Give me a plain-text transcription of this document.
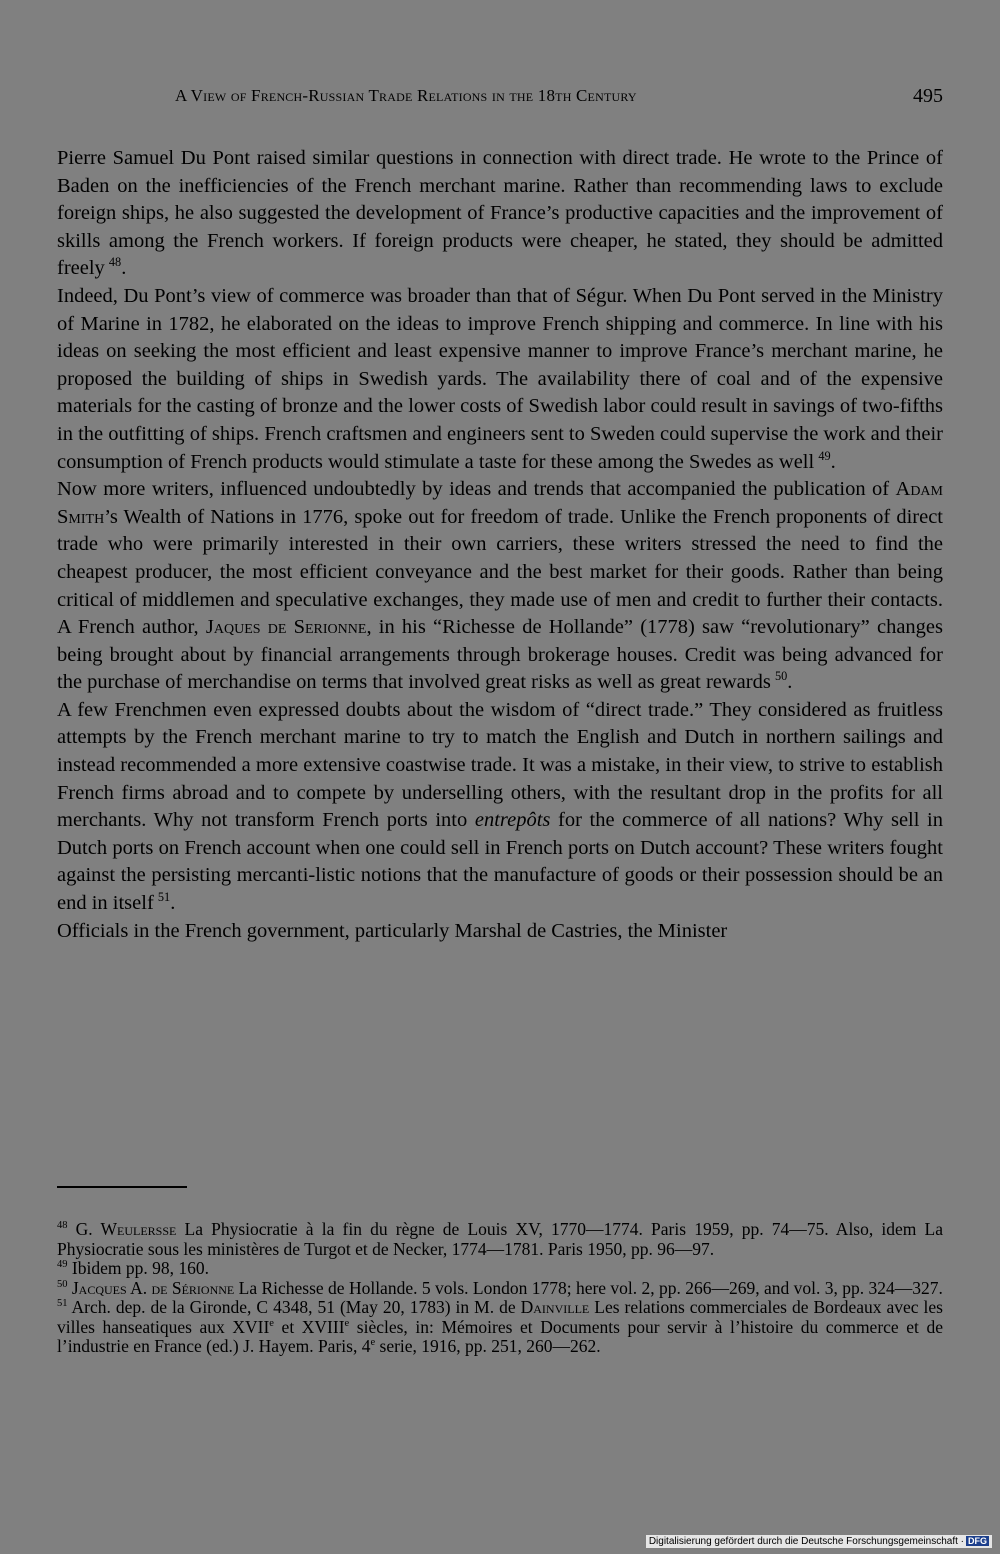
A View of French-Russian Trade Relations in the 18th Century	495

Pierre Samuel Du Pont raised similar questions in connection with direct trade. He wrote to the Prince of Baden on the inefficiencies of the French merchant marine. Rather than recommending laws to exclude foreign ships, he also suggested the development of France’s productive capacities and the improvement of skills among the French workers. If foreign products were cheaper, he stated, they should be admitted freely  $^{48}$.

Indeed, Du Pont’s view of commerce was broader than that of Ségur. When Du Pont served in the Ministry of Marine in 1782, he elaborated on the ideas to improve French shipping and commerce. In line with his ideas on seeking the most efficient and least expensive manner to improve France’s merchant marine, he proposed the building of ships in Swedish yards. The availability there of coal and of the expensive materials for the casting of bronze and the lower costs of Swedish labor could result in savings of two-fifths in the outfitting of ships. French craftsmen and engineers sent to Sweden could supervise the work and their consumption of French products would stimulate a taste for these among the Swedes as well  $^{49}$.

Now more writers, influenced undoubtedly by ideas and trends that accompanied the publication of Adam Smith’s Wealth of Nations in 1776, spoke out for freedom of trade. Unlike the French proponents of direct trade who were primarily interested in their own carriers, these writers stressed the need to find the cheapest producer, the most efficient conveyance and the best market for their goods. Rather than being critical of middlemen and speculative exchanges, they made use of men and credit to further their contacts. A French author, Jaques de Serionne, in his “Richesse de Hollande” (1778) saw “revolutionary” changes being brought about by financial arrangements through brokerage houses. Credit was being advanced for the purchase of merchandise on terms that involved great risks as well as great rewards  $^{50}$.

A few Frenchmen even expressed doubts about the wisdom of “direct trade.” They considered as fruitless attempts by the French merchant marine to try to match the English and Dutch in northern sailings and instead recommended a more extensive coastwise trade. It was a mistake, in their view, to strive to establish French firms abroad and to compete by underselling others, with the resultant drop in the profits for all merchants. Why not transform French ports into entrepôts for the commerce of all nations? Why sell in Dutch ports on French account when one could sell in French ports on Dutch account? These writers fought against the persisting mercanti-listic notions that the manufacture of goods or their possession should be an end in itself  $^{51}$.

Officials in the French government, particularly Marshal de Castries, the Minister

$^{48}$ G. Weulersse La Physiocratie à la fin du règne de Louis XV, 1770—1774. Paris 1959, pp. 74—75. Also, idem La Physiocratie sous les ministères de Turgot et de Necker, 1774—1781. Paris 1950, pp. 96—97.

$^{49}$ Ibidem pp. 98, 160.

$^{50}$ Jacques A. de Sérionne La Richesse de Hollande. 5 vols. London 1778; here vol. 2, pp. 266—269, and vol. 3, pp. 324—327.

$^{51}$ Arch. dep. de la Gironde, C 4348, 51 (May 20, 1783) in M. de Dainville Les relations commerciales de Bordeaux avec les villes hanseatiques aux XVIIe et XVIIIe siècles, in: Mémoires et Documents pour servir à l’histoire du commerce et de l’industrie en France (ed.) J. Hayem. Paris, 4e serie, 1916, pp. 251, 260—262.

Digitalisierung gefördert durch die Deutsche Forschungsgemeinschaft · DFG
